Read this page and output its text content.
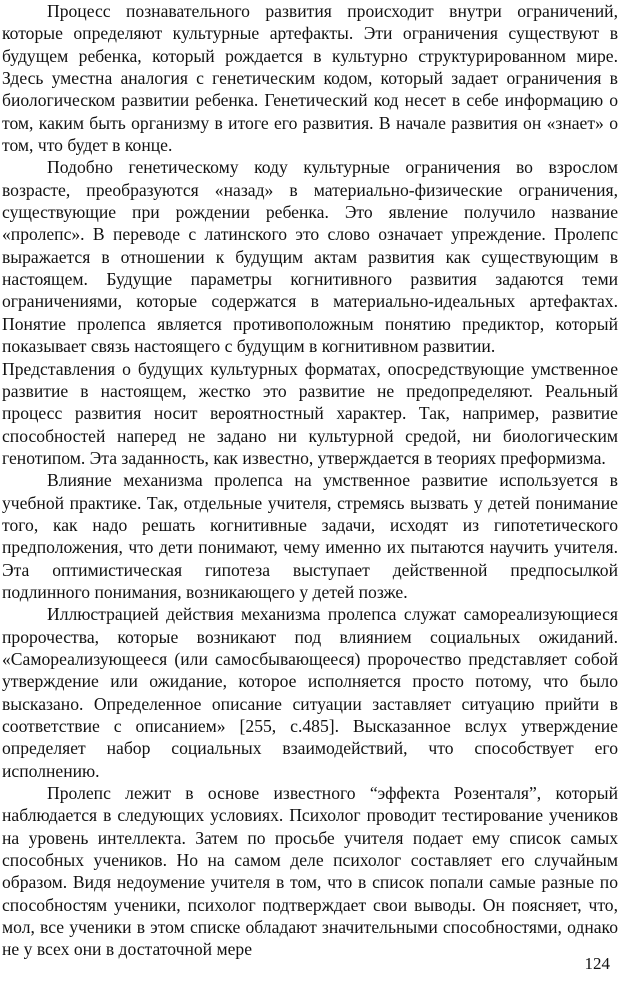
Процесс познавательного развития происходит внутри ограничений, которые определяют культурные артефакты. Эти ограничения существуют в будущем ребенка, который рождается в культурно структурированном мире. Здесь уместна аналогия с генетическим кодом, который задает ограничения в биологическом развитии ребенка. Генетический код несет в себе информацию о том, каким быть организму в итоге его развития. В начале развития он «знает» о том, что будет в конце.

Подобно генетическому коду культурные ограничения во взрослом возрасте, преобразуются «назад» в материально-физические ограничения, существующие при рождении ребенка. Это явление получило название «пролепс». В переводе с латинского это слово означает упреждение. Пролепс выражается в отношении к будущим актам развития как существующим в настоящем. Будущие параметры когнитивного развития задаются теми ограничениями, которые содержатся в материально-идеальных артефактах. Понятие пролепса является противоположным понятию предиктор, который показывает связь настоящего с будущим в когнитивном развитии.

Представления о будущих культурных форматах, опосредствующие умственное развитие в настоящем, жестко это развитие не предопределяют. Реальный процесс развития носит вероятностный характер. Так, например, развитие способностей наперед не задано ни культурной средой, ни биологическим генотипом. Эта заданность, как известно, утверждается в теориях преформизма.

Влияние механизма пролепса на умственное развитие используется в учебной практике. Так, отдельные учителя, стремясь вызвать у детей понимание того, как надо решать когнитивные задачи, исходят из гипотетического предположения, что дети понимают, чему именно их пытаются научить учителя. Эта оптимистическая гипотеза выступает действенной предпосылкой подлинного понимания, возникающего у детей позже.

Иллюстрацией действия механизма пролепса служат самореализующиеся пророчества, которые возникают под влиянием социальных ожиданий. «Самореализующееся (или самосбывающееся) пророчество представляет собой утверждение или ожидание, которое исполняется просто потому, что было высказано. Определенное описание ситуации заставляет ситуацию прийти в соответствие с описанием» [255, с.485]. Высказанное вслух утверждение определяет набор социальных взаимодействий, что способствует его исполнению.

Пролепс лежит в основе известного “эффекта Розенталя”, который наблюдается в следующих условиях. Психолог проводит тестирование учеников на уровень интеллекта. Затем по просьбе учителя подает ему список самых способных учеников. Но на самом деле психолог составляет его случайным образом. Видя недоумение учителя в том, что в список попали самые разные по способностям ученики, психолог подтверждает свои выводы. Он поясняет, что, мол, все ученики в этом списке обладают значительными способностями, однако не у всех они в достаточной мере

124
